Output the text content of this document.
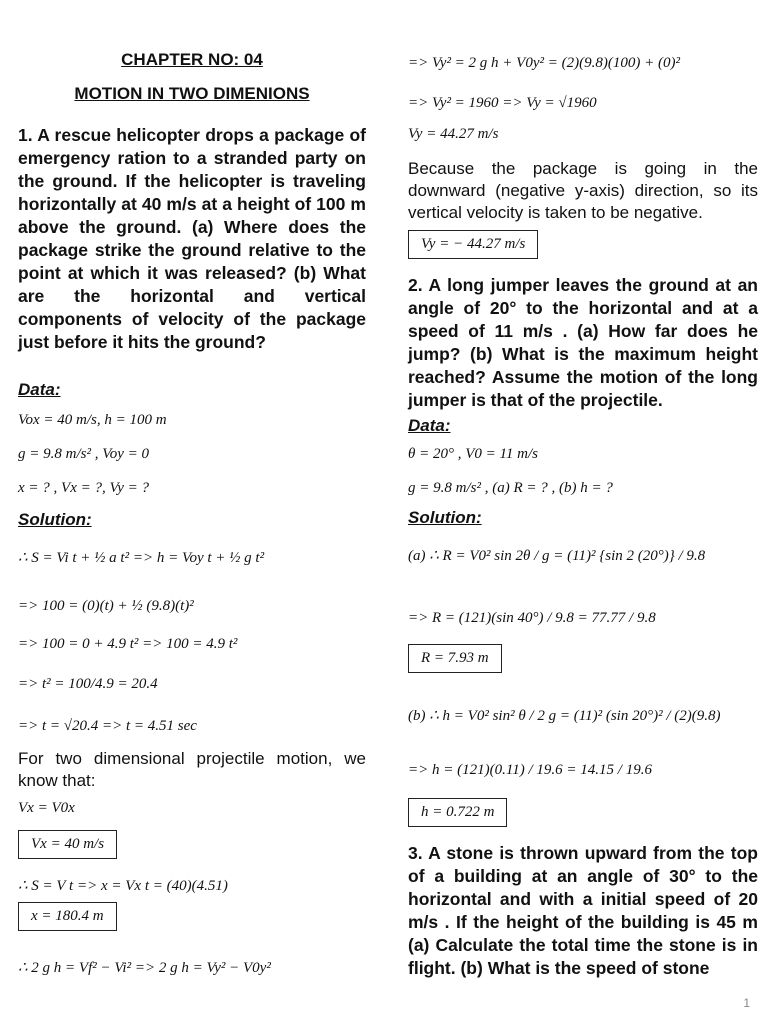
CHAPTER NO: 04
MOTION IN TWO DIMENIONS

1. A rescue helicopter drops a package of emergency ration to a stranded party on the ground. If the helicopter is traveling horizontally at 40 m/s at a height of 100 m above the ground. (a) Where does the package strike the ground relative to the point at which it was released? (b) What are the horizontal and vertical components of velocity of the package just before it hits the ground?

Data:

Vox = 40 m/s, h = 100 m

g = 9.8 m/s² , Voy = 0

x = ? , Vx = ?, Vy = ?

Solution:

∴ S = Vi t + ½ a t² => h = Voy t + ½ g t²

=> 100 = (0)(t) + ½ (9.8)(t)²

=> 100 = 0 + 4.9 t² => 100 = 4.9 t²

=> t² = 100/4.9 = 20.4

=> t = √20.4 => t = 4.51 sec

For two dimensional projectile motion, we know that:

Vx = V0x

Vx = 40 m/s

∴ S = V t => x = Vx t = (40)(4.51)

x = 180.4 m

∴ 2 g h = Vf² − Vi² => 2 g h = Vy² − V0y²

=> Vy² = 2 g h + V0y² = (2)(9.8)(100) + (0)²

=> Vy² = 1960 => Vy = √1960

Vy = 44.27 m/s

Because the package is going in the downward (negative y-axis) direction, so its vertical velocity is taken to be negative.

Vy = − 44.27 m/s

2. A long jumper leaves the ground at an angle of 20° to the horizontal and at a speed of 11 m/s . (a) How far does he jump? (b) What is the maximum height reached? Assume the motion of the long jumper is that of the projectile.

Data:

θ = 20° , V0 = 11 m/s

g = 9.8 m/s² , (a) R = ? , (b) h = ?

Solution:

(a) ∴ R = V0² sin 2θ / g = (11)² {sin 2 (20°)} / 9.8

=> R = (121)(sin 40°) / 9.8 = 77.77 / 9.8

R = 7.93 m

(b) ∴ h = V0² sin² θ / 2 g = (11)² (sin 20°)² / (2)(9.8)

=> h = (121)(0.11) / 19.6 = 14.15 / 19.6

h = 0.722 m

3. A stone is thrown upward from the top of a building at an angle of 30° to the horizontal and with a initial speed of 20 m/s . If the height of the building is 45 m (a) Calculate the total time the stone is in flight. (b) What is the speed of stone

1
